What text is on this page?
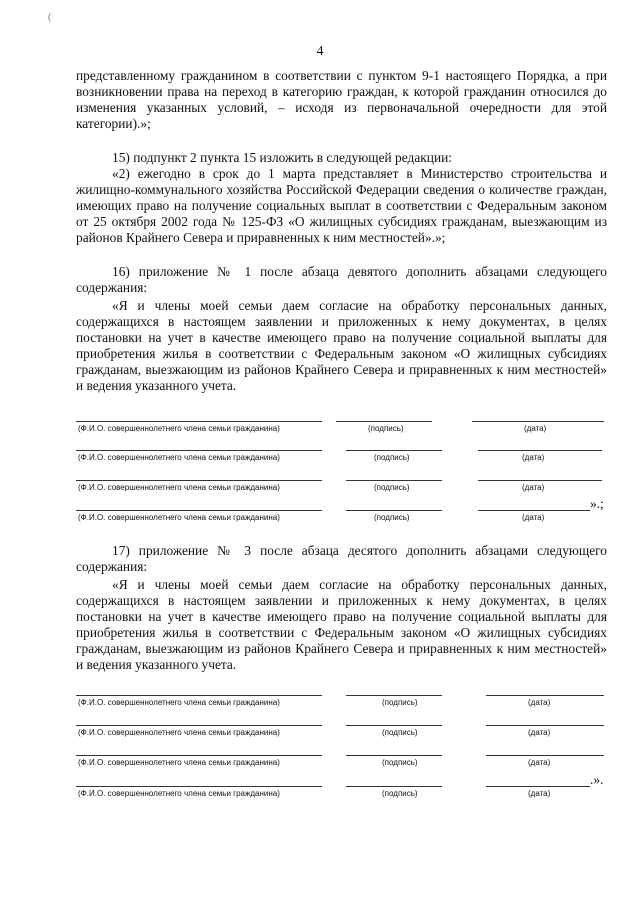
(
4

представленному гражданином в соответствии с пунктом 9-1 настоящего Порядка, а при возникновении права на переход в категорию граждан, к которой гражданин относился до изменения указанных условий, – исходя из первоначальной очередности для этой категории).»;

15) подпункт 2 пункта 15 изложить в следующей редакции:

«2) ежегодно в срок до 1 марта представляет в Министерство строительства и жилищно-коммунального хозяйства Российской Федерации сведения о количестве граждан, имеющих право на получение социальных выплат в соответствии с Федеральным законом от 25 октября 2002 года № 125-ФЗ «О жилищных субсидиях гражданам, выезжающим из районов Крайнего Севера и приравненных к ним местностей».»;

16) приложение № 1 после абзаца девятого дополнить абзацами следующего содержания:

«Я и члены моей семьи даем согласие на обработку персональных данных, содержащихся в настоящем заявлении и приложенных к нему документах, в целях постановки на учет в качестве имеющего право на получение социальной выплаты для приобретения жилья в соответствии с Федеральным законом «О жилищных субсидиях гражданам, выезжающим из районов Крайнего Севера и приравненных к ним местностей» и ведения указанного учета.

(Ф.И.О. совершеннолетнего члена семьи гражданина)	(подпись)	(дата)
(Ф.И.О. совершеннолетнего члена семьи гражданина)	(подпись)	(дата)
(Ф.И.О. совершеннолетнего члена семьи гражданина)	(подпись)	(дата)
(Ф.И.О. совершеннолетнего члена семьи гражданина)	(подпись)	(дата)
».;

17) приложение № 3 после абзаца десятого дополнить абзацами следующего содержания:

«Я и члены моей семьи даем согласие на обработку персональных данных, содержащихся в настоящем заявлении и приложенных к нему документах, в целях постановки на учет в качестве имеющего право на получение социальной выплаты для приобретения жилья в соответствии с Федеральным законом «О жилищных субсидиях гражданам, выезжающим из районов Крайнего Севера и приравненных к ним местностей» и ведения указанного учета.

(Ф.И.О. совершеннолетнего члена семьи гражданина)	(подпись)	(дата)
(Ф.И.О. совершеннолетнего члена семьи гражданина)	(подпись)	(дата)
(Ф.И.О. совершеннолетнего члена семьи гражданина)	(подпись)	(дата)
(Ф.И.О. совершеннолетнего члена семьи гражданина)	(подпись)	(дата)
.».
